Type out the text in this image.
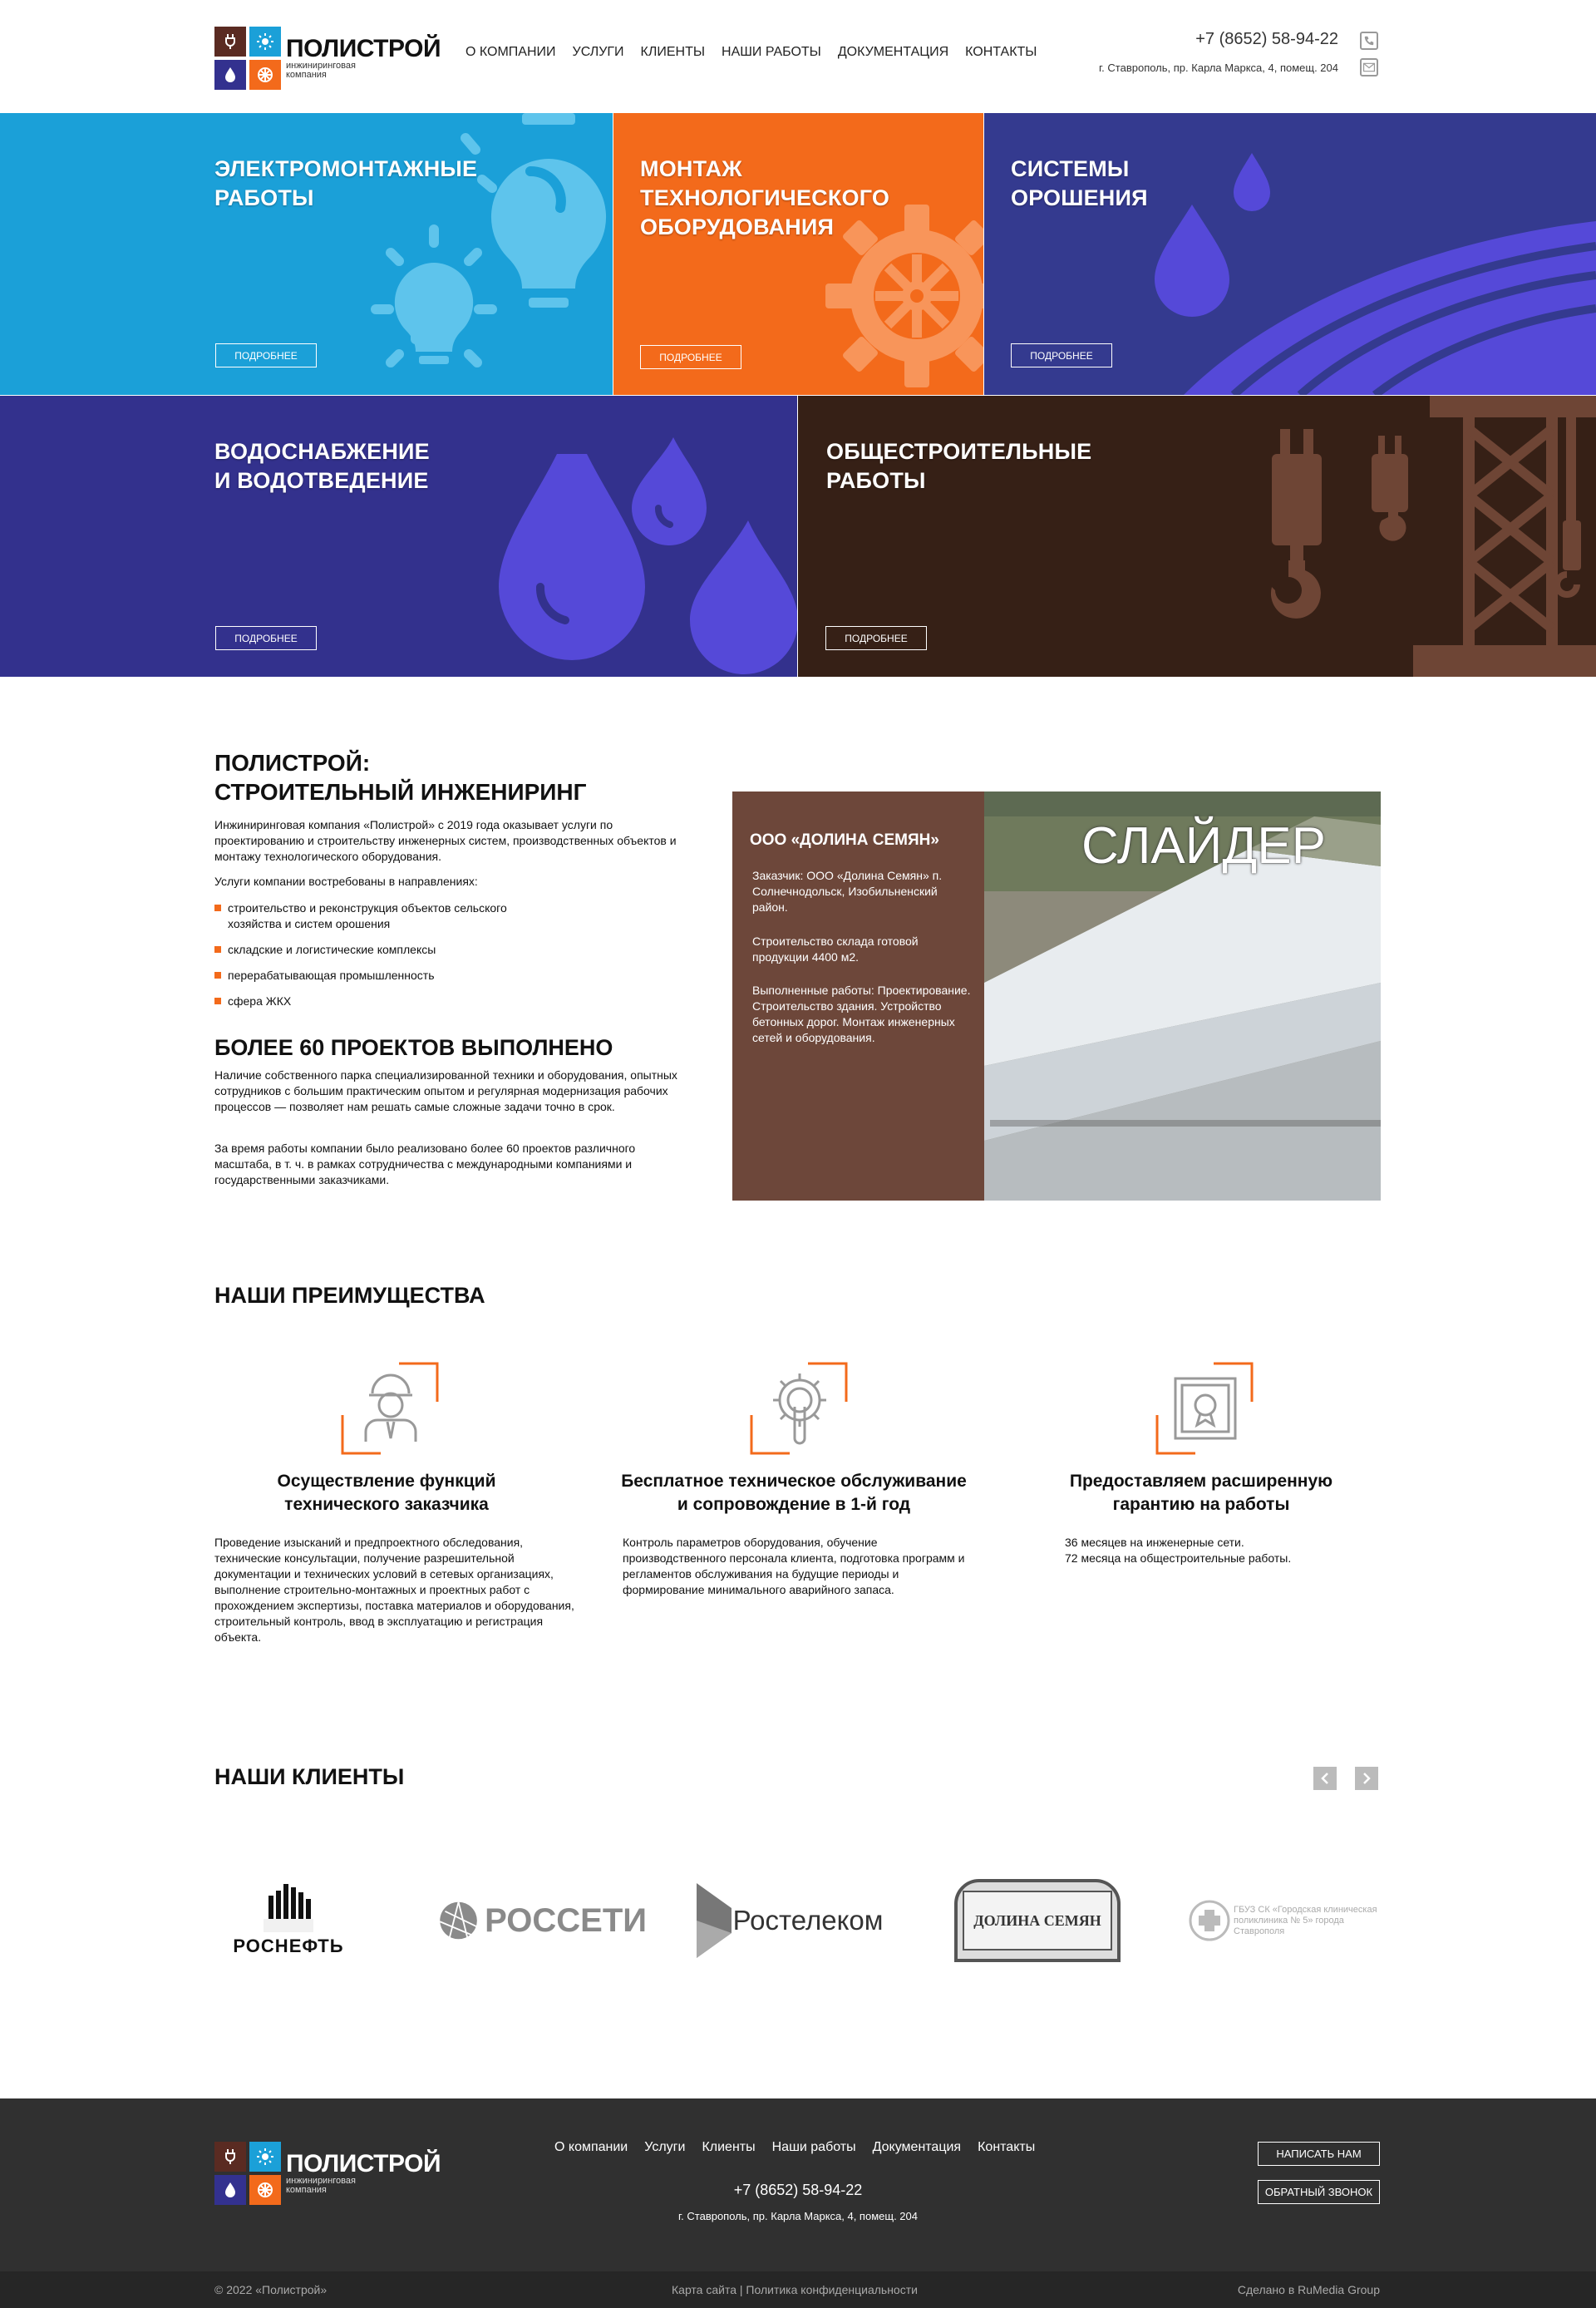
ПОЛИСТРОЙ
инжиниринговая
компания
О КОМПАНИИ УСЛУГИ КЛИЕНТЫ НАШИ РАБОТЫ ДОКУМЕНТАЦИЯ КОНТАКТЫ
+7 (8652) 58-94-22
г. Ставрополь, пр. Карла Маркса, 4, помещ. 204
ЭЛЕКТРОМОНТАЖНЫЕ
РАБОТЫ
ПОДРОБНЕЕ
МОНТАЖ
ТЕХНОЛОГИЧЕСКОГО
ОБОРУДОВАНИЯ
ПОДРОБНЕЕ
СИСТЕМЫ
ОРОШЕНИЯ
ПОДРОБНЕЕ
ВОДОСНАБЖЕНИЕ
И ВОДОТВЕДЕНИЕ
ПОДРОБНЕЕ
ОБЩЕСТРОИТЕЛЬНЫЕ
РАБОТЫ
ПОДРОБНЕЕ
ПОЛИСТРОЙ:
СТРОИТЕЛЬНЫЙ ИНЖЕНИРИНГ

Инжиниринговая компания «Полистрой» с 2019 года оказывает услуги по проектированию и строительству инженерных систем, производственных объектов и монтажу технологического оборудования.

Услуги компании востребованы в направлениях:

строительство и реконструкция объектов сельского хозяйства и систем орошения
складские и логистические комплексы
перерабатывающая промышленность
сфера ЖКХ
БОЛЕЕ 60 ПРОЕКТОВ ВЫПОЛНЕНО

Наличие собственного парка специализированной техники и оборудования, опытных сотрудников с большим практическим опытом и регулярная модернизация рабочих процессов — позволяет нам решать самые сложные задачи точно в срок.

За время работы компании было реализовано более 60 проектов различного масштаба, в т. ч. в рамках сотрудничества с международными компаниями и государственными заказчиками.

ООО «ДОЛИНА СЕМЯН»

Заказчик: ООО «Долина Семян» п. Солнечнодольск, Изобильненский район.

Строительство склада готовой продукции 4400 м2.

Выполненные работы: Проектирование. Строительство здания. Устройство бетонных дорог. Монтаж инженерных сетей и оборудования.

СЛАЙДЕР
НАШИ ПРЕИМУЩЕСТВА
Осуществление функций
технического заказчика

Проведение изысканий и предпроектного обследования, технические консультации, получение разрешительной документации и технических условий в сетевых организациях, выполнение строительно-монтажных и проектных работ с прохождением экспертизы, поставка материалов и оборудования, строительный контроль, ввод в эксплуатацию и регистрация объекта.

Бесплатное техническое обслуживание
и сопровождение в 1-й год

Контроль параметров оборудования, обучение производственного персонала клиента, подготовка программ и регламентов обслуживания на будущие периоды и формирование минимального аварийного запаса.

Предоставляем расширенную
гарантию на работы

36 месяцев на инженерные сети.
72 месяца на общестроительные работы.

НАШИ КЛИЕНТЫ
РОСНЕФТЬ
РОССЕТИ	Ростелеком	ДОЛИНА СЕМЯН
ГБУЗ СК «Городская клиническая поликлиника № 5» города Ставрополя
ПОЛИСТРОЙ
инжиниринговая
компания
О компании Услуги Клиенты Наши работы Документация Контакты
+7 (8652) 58-94-22
г. Ставрополь, пр. Карла Маркса, 4, помещ. 204
НАПИСАТЬ НАМ
ОБРАТНЫЙ ЗВОНОК
© 2022 «Полистрой»	Карта сайта | Политика конфиденциальности	Сделано в RuMedia Group
